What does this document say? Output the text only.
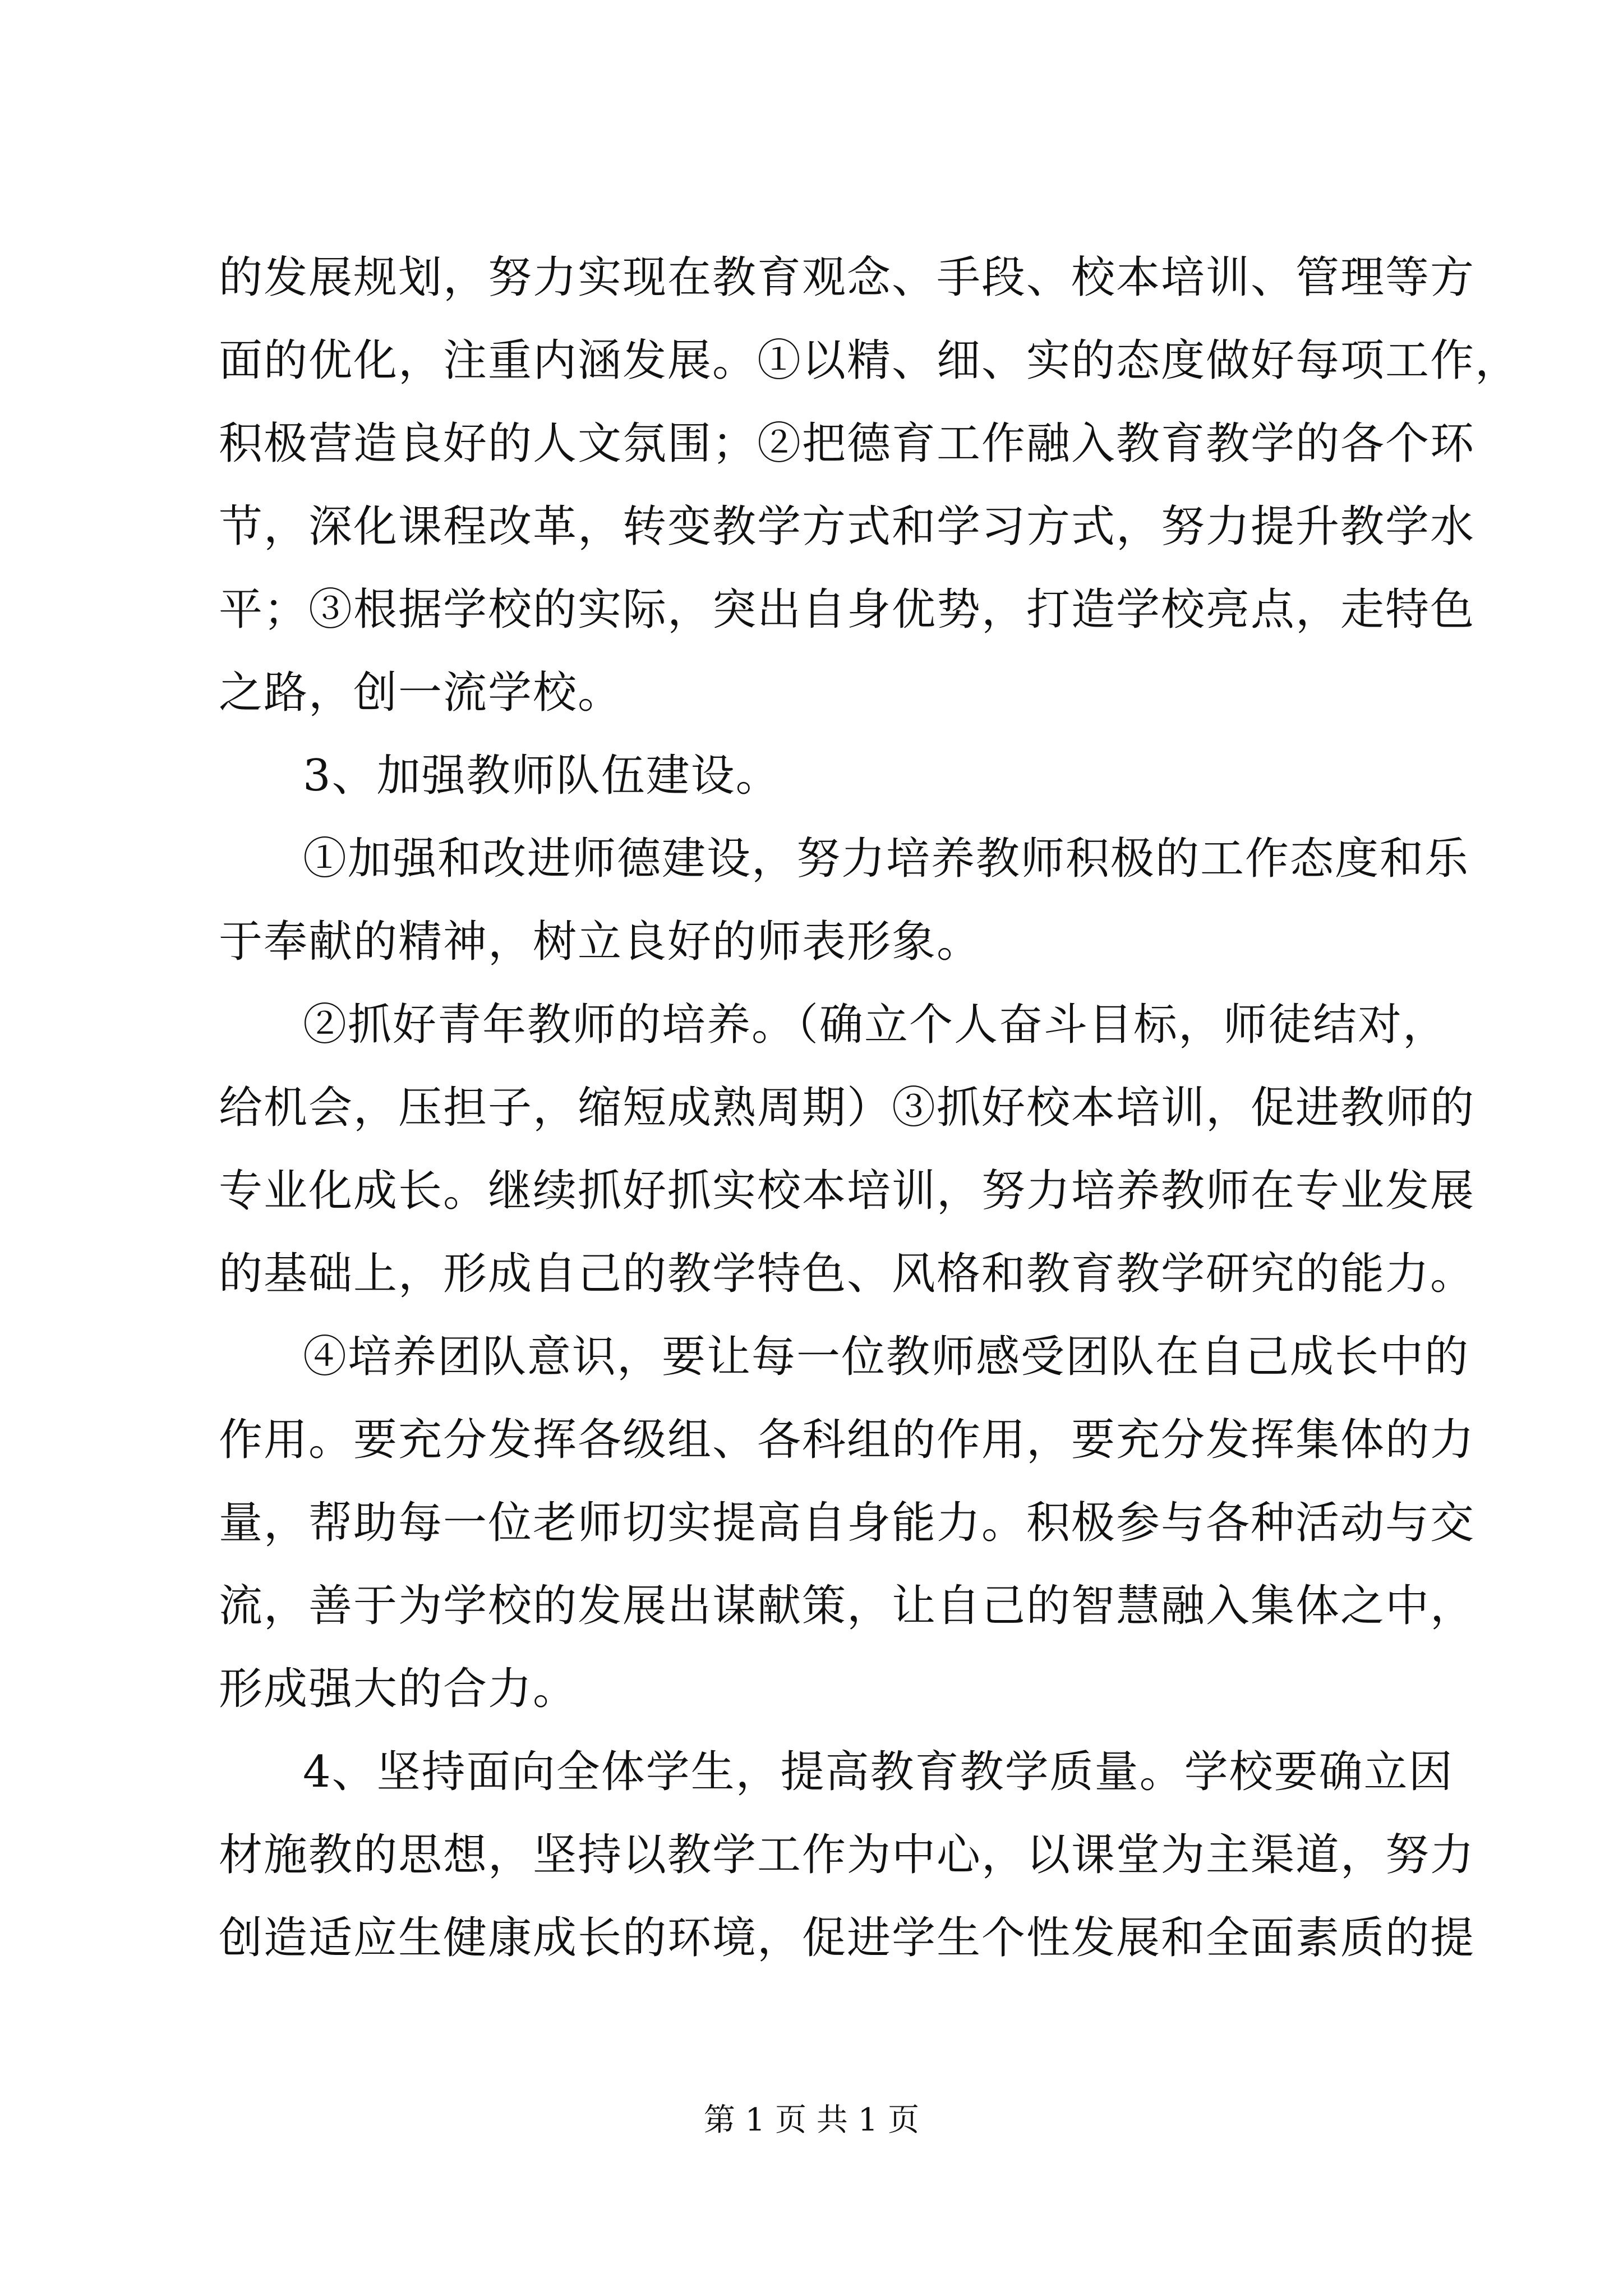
的发展规划，努力实现在教育观念、手段、校本培训、管理等方
面的优化，注重内涵发展。①以精、细、实的态度做好每项工作，
积极营造良好的人文氛围；②把德育工作融入教育教学的各个环
节，深化课程改革，转变教学方式和学习方式，努力提升教学水
平；③根据学校的实际，突出自身优势，打造学校亮点，走特色
之路，创一流学校。
3、加强教师队伍建设。
①加强和改进师德建设，努力培养教师积极的工作态度和乐
于奉献的精神，树立良好的师表形象。
②抓好青年教师的培养。（确立个人奋斗目标，师徒结对，
给机会，压担子，缩短成熟周期）③抓好校本培训，促进教师的
专业化成长。继续抓好抓实校本培训，努力培养教师在专业发展
的基础上，形成自己的教学特色、风格和教育教学研究的能力。
④培养团队意识，要让每一位教师感受团队在自己成长中的
作用。要充分发挥各级组、各科组的作用，要充分发挥集体的力
量，帮助每一位老师切实提高自身能力。积极参与各种活动与交
流，善于为学校的发展出谋献策，让自己的智慧融入集体之中，
形成强大的合力。
4、坚持面向全体学生，提高教育教学质量。学校要确立因
材施教的思想，坚持以教学工作为中心，以课堂为主渠道，努力
创造适应生健康成长的环境，促进学生个性发展和全面素质的提
第 1 页 共 1 页
